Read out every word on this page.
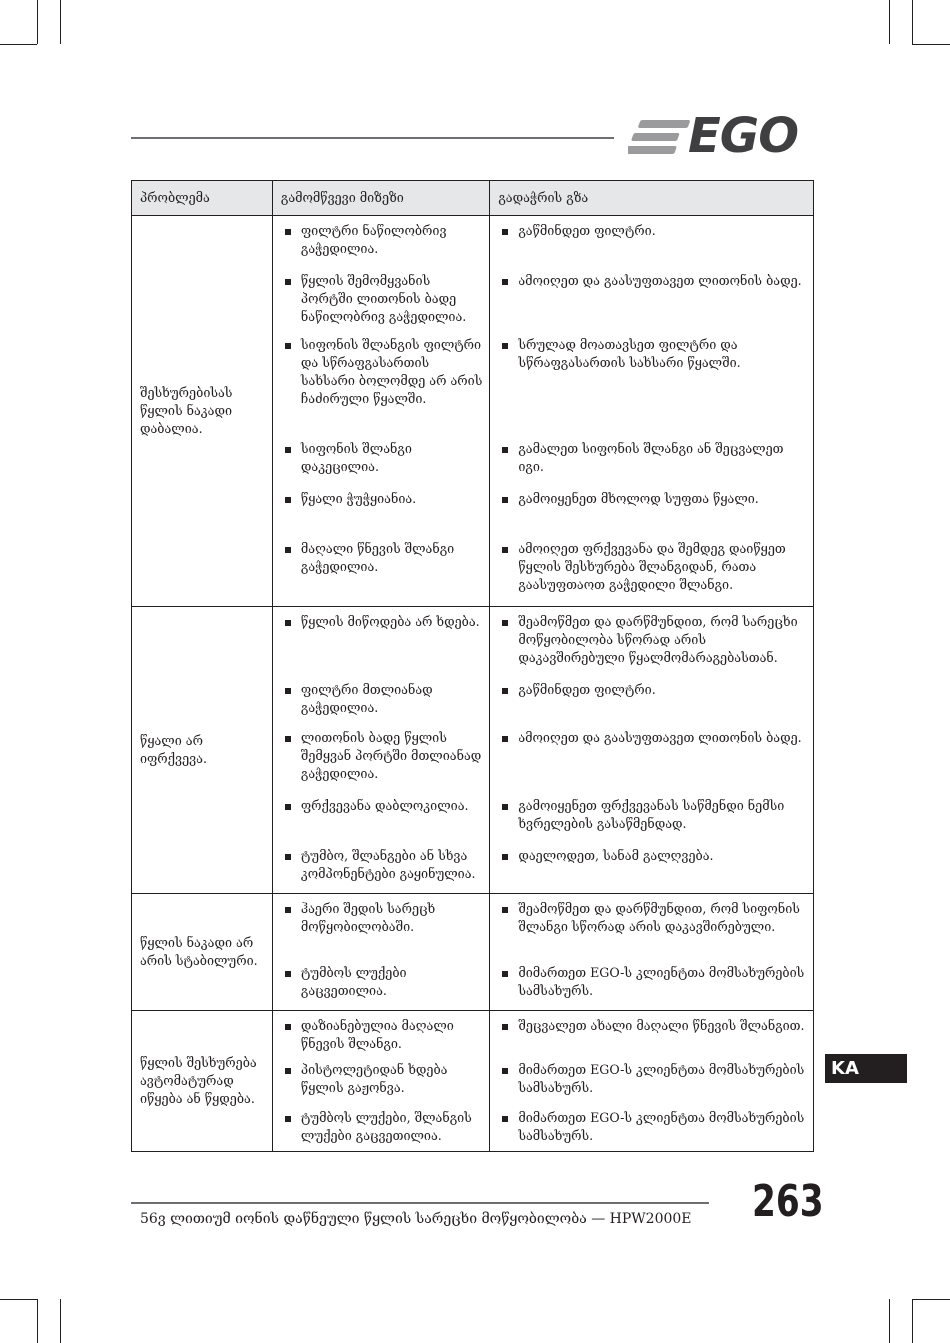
EGO
პრობლემა	გამომწვევი მიზეზი	გადაჭრის გზა
შესხურებისას წყლის ნაკადი დაბალია.	ფილტრი ნაწილობრივ გაჭედილია.	გაწმინდეთ ფილტრი.

წყლის შემომყვანის პორტში ლითონის ბადე ნაწილობრივ გაჭედილია.	ამოიღეთ და გაასუფთავეთ ლითონის ბადე.

სიფონის შლანგის ფილტრი და სწრაფგასართის სახსარი ბოლომდე არ არის ჩაძირული წყალში.	სრულად მოათავსეთ ფილტრი და სწრაფგასართის სახსარი წყალში.

სიფონის შლანგი დაკეცილია.	გამალეთ სიფონის შლანგი ან შეცვალეთ იგი.

წყალი ჭუჭყიანია.	გამოიყენეთ მხოლოდ სუფთა წყალი.

მაღალი წნევის შლანგი გაჭედილია.	ამოიღეთ ფრქვევანა და შემდეგ დაიწყეთ წყლის შესხურება შლანგიდან, რათა გაასუფთაოთ გაჭედილი შლანგი.

წყალი არ იფრქვევა.	წყლის მიწოდება არ ხდება.	შეამოწმეთ და დარწმუნდით, რომ სარეცხი მოწყობილობა სწორად არის დაკავშირებული წყალმომარაგებასთან.

ფილტრი მთლიანად გაჭედილია.	გაწმინდეთ ფილტრი.

ლითონის ბადე წყლის შემყვან პორტში მთლიანად გაჭედილია.	ამოიღეთ და გაასუფთავეთ ლითონის ბადე.

ფრქვევანა დაბლოკილია.	გამოიყენეთ ფრქვევანას საწმენდი ნემსი ხვრელების გასაწმენდად.

ტუმბო, შლანგები ან სხვა კომპონენტები გაყინულია.	დაელოდეთ, სანამ გალღვება.

წყლის ნაკადი არ არის სტაბილური.	ჰაერი შედის სარეცხ მოწყობილობაში.	შეამოწმეთ და დარწმუნდით, რომ სიფონის შლანგი სწორად არის დაკავშირებული.

ტუმბოს ლუქები გაცვეთილია.	მიმართეთ EGO-ს კლიენტთა მომსახურების სამსახურს.

წყლის შესხურება ავტომატურად იწყება ან წყდება.	დაზიანებულია მაღალი წნევის შლანგი.	შეცვალეთ ახალი მაღალი წნევის შლანგით.

პისტოლეტიდან ხდება წყლის გაჟონვა.	მიმართეთ EGO-ს კლიენტთა მომსახურების სამსახურს.

ტუმბოს ლუქები, შლანგის ლუქები გაცვეთილია.	მიმართეთ EGO-ს კლიენტთა მომსახურების სამსახურს.
KA
56ვ ლითიუმ იონის დაწნეული წყლის სარეცხი მოწყობილობა — HPW2000E 263
